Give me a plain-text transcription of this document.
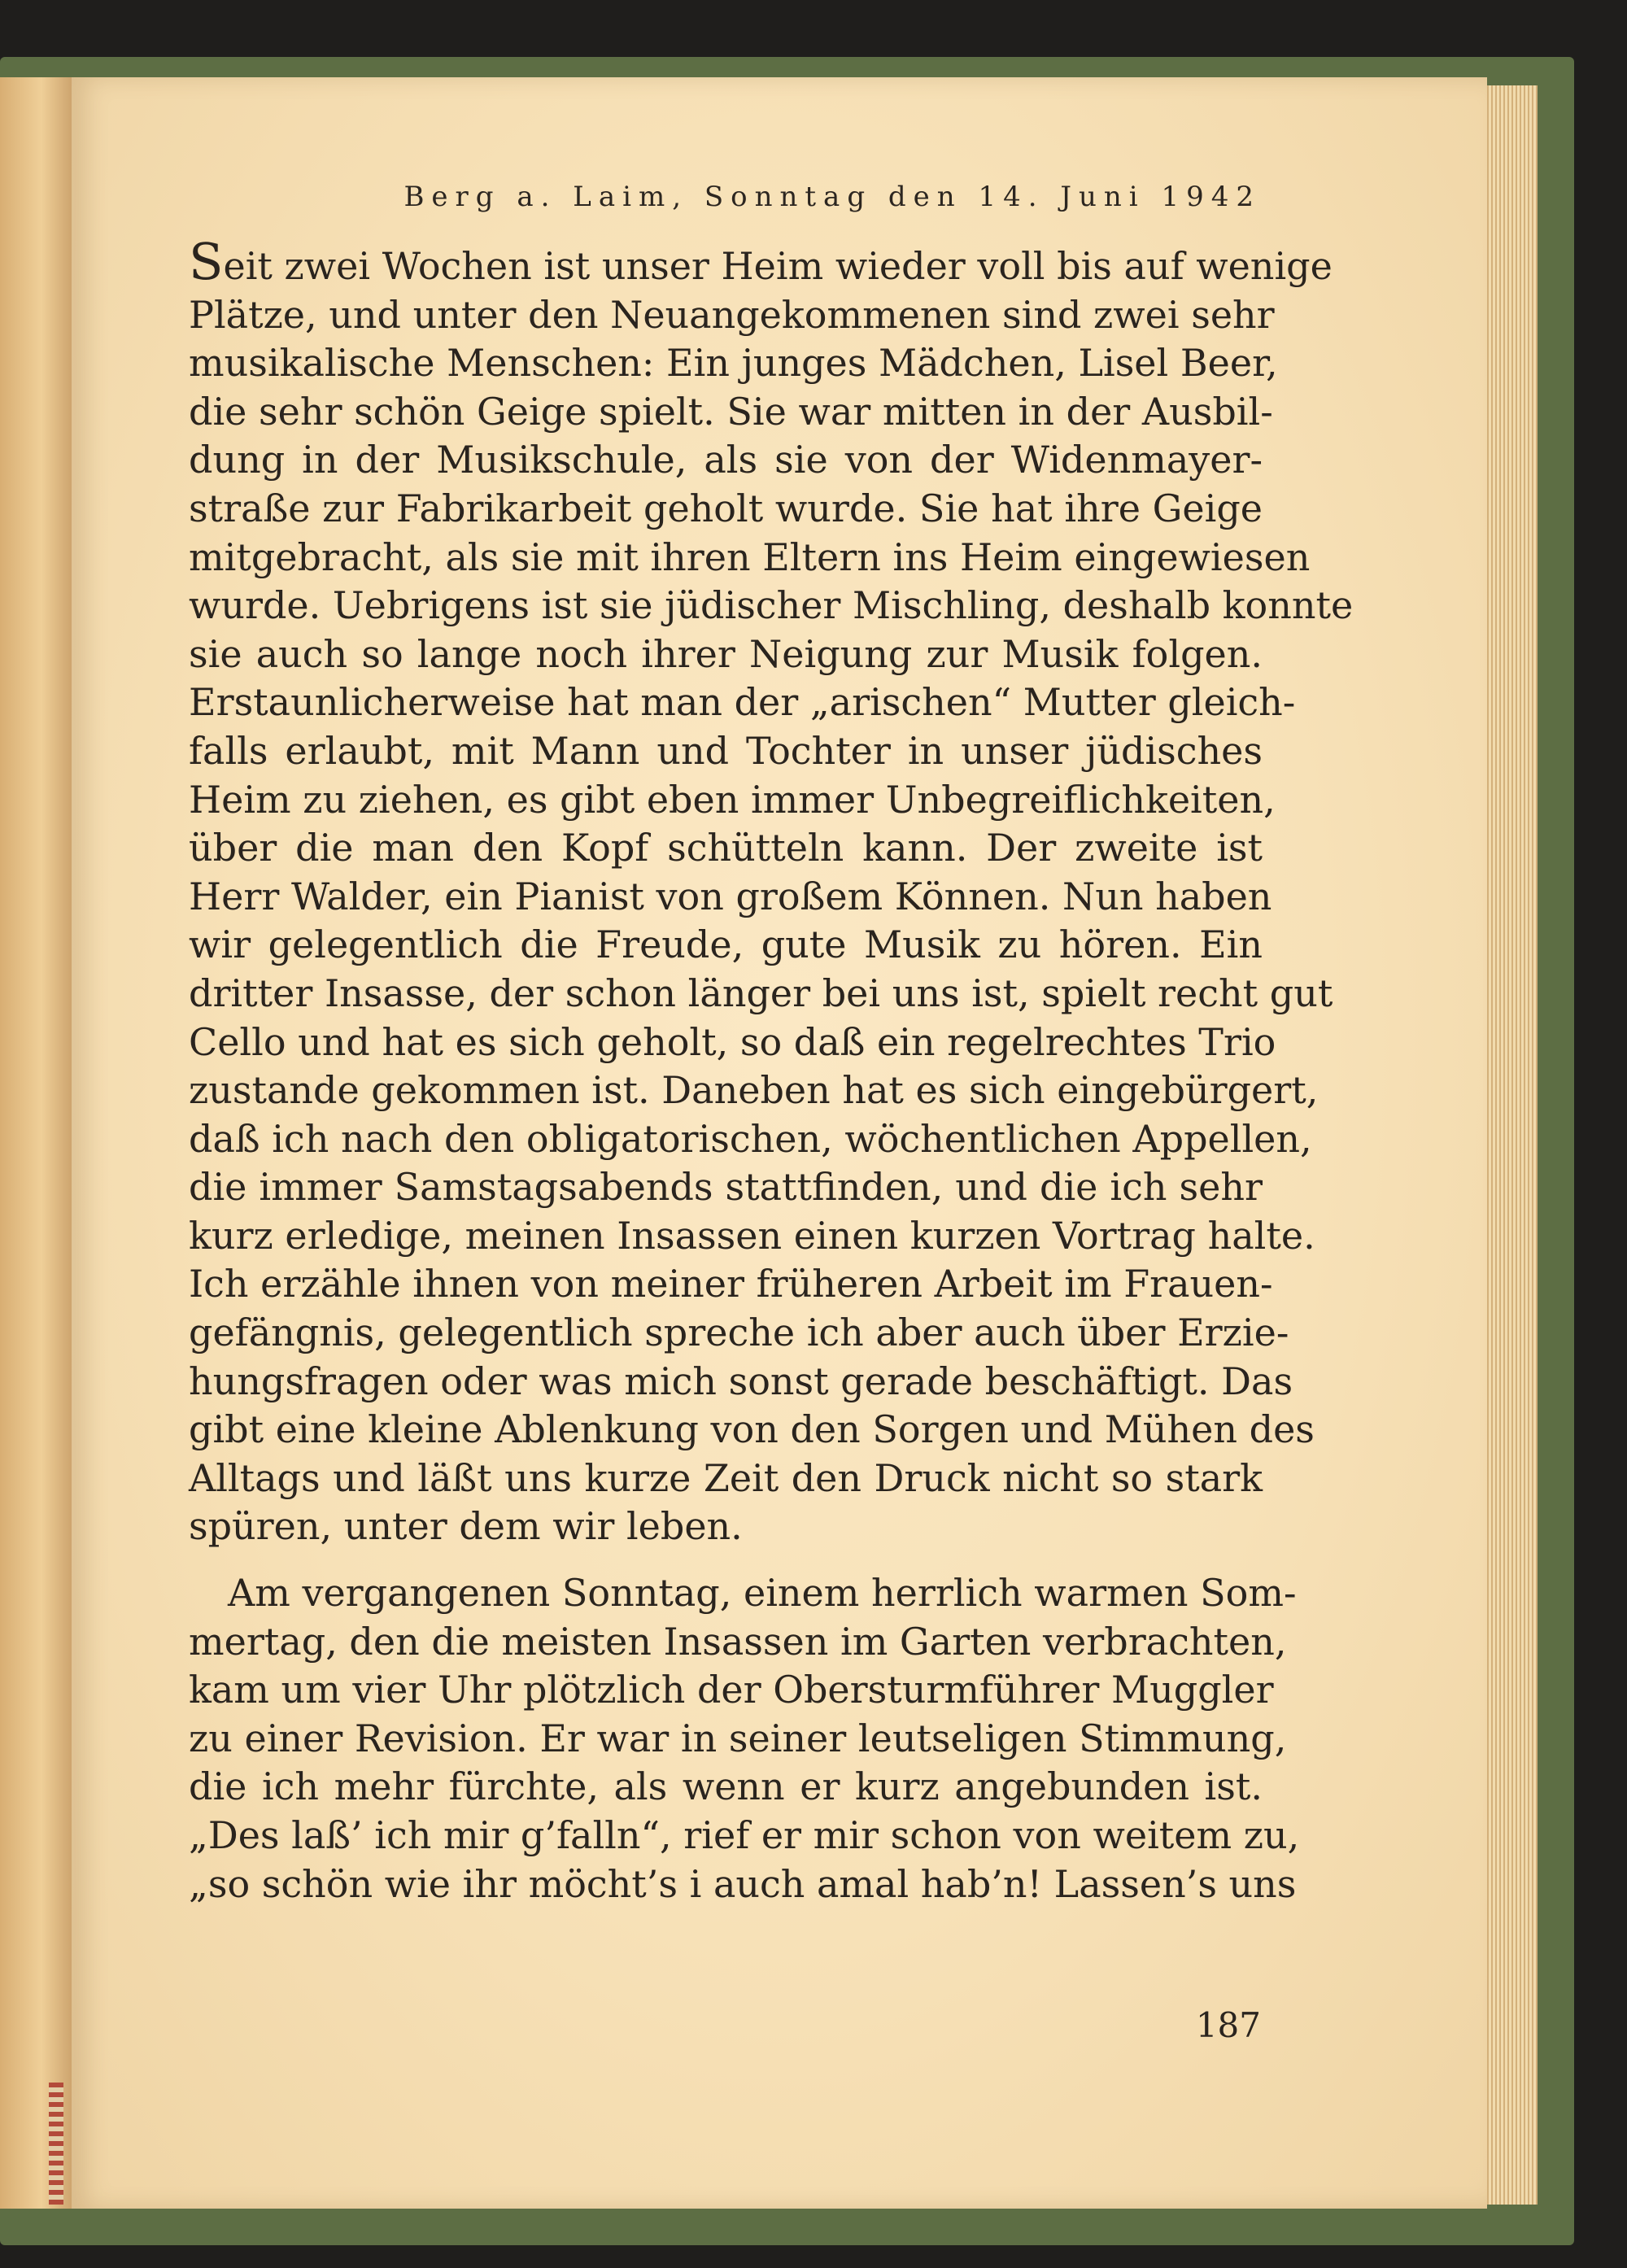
Berg a. Laim, Sonntag den 14. Juni 1942
Seit zwei Wochen ist unser Heim wieder voll bis auf wenige
Plätze, und unter den Neuangekommenen sind zwei sehr
musikalische Menschen: Ein junges Mädchen, Lisel Beer,
die sehr schön Geige spielt. Sie war mitten in der Ausbil-
dung in der Musikschule, als sie von der Widenmayer-
straße zur Fabrikarbeit geholt wurde. Sie hat ihre Geige
mitgebracht, als sie mit ihren Eltern ins Heim eingewiesen
wurde. Uebrigens ist sie jüdischer Mischling, deshalb konnte
sie auch so lange noch ihrer Neigung zur Musik folgen.
Erstaunlicherweise hat man der „arischen“ Mutter gleich-
falls erlaubt, mit Mann und Tochter in unser jüdisches
Heim zu ziehen, es gibt eben immer Unbegreiflichkeiten,
über die man den Kopf schütteln kann. Der zweite ist
Herr Walder, ein Pianist von großem Können. Nun haben
wir gelegentlich die Freude, gute Musik zu hören. Ein
dritter Insasse, der schon länger bei uns ist, spielt recht gut
Cello und hat es sich geholt, so daß ein regelrechtes Trio
zustande gekommen ist. Daneben hat es sich eingebürgert,
daß ich nach den obligatorischen, wöchentlichen Appellen,
die immer Samstagsabends stattfinden, und die ich sehr
kurz erledige, meinen Insassen einen kurzen Vortrag halte.
Ich erzähle ihnen von meiner früheren Arbeit im Frauen-
gefängnis, gelegentlich spreche ich aber auch über Erzie-
hungsfragen oder was mich sonst gerade beschäftigt. Das
gibt eine kleine Ablenkung von den Sorgen und Mühen des
Alltags und läßt uns kurze Zeit den Druck nicht so stark
spüren, unter dem wir leben.
Am vergangenen Sonntag, einem herrlich warmen Som-
mertag, den die meisten Insassen im Garten verbrachten,
kam um vier Uhr plötzlich der Obersturmführer Muggler
zu einer Revision. Er war in seiner leutseligen Stimmung,
die ich mehr fürchte, als wenn er kurz angebunden ist.
„Des laß’ ich mir g’falln“, rief er mir schon von weitem zu,
„so schön wie ihr möcht’s i auch amal hab’n! Lassen’s uns
187
